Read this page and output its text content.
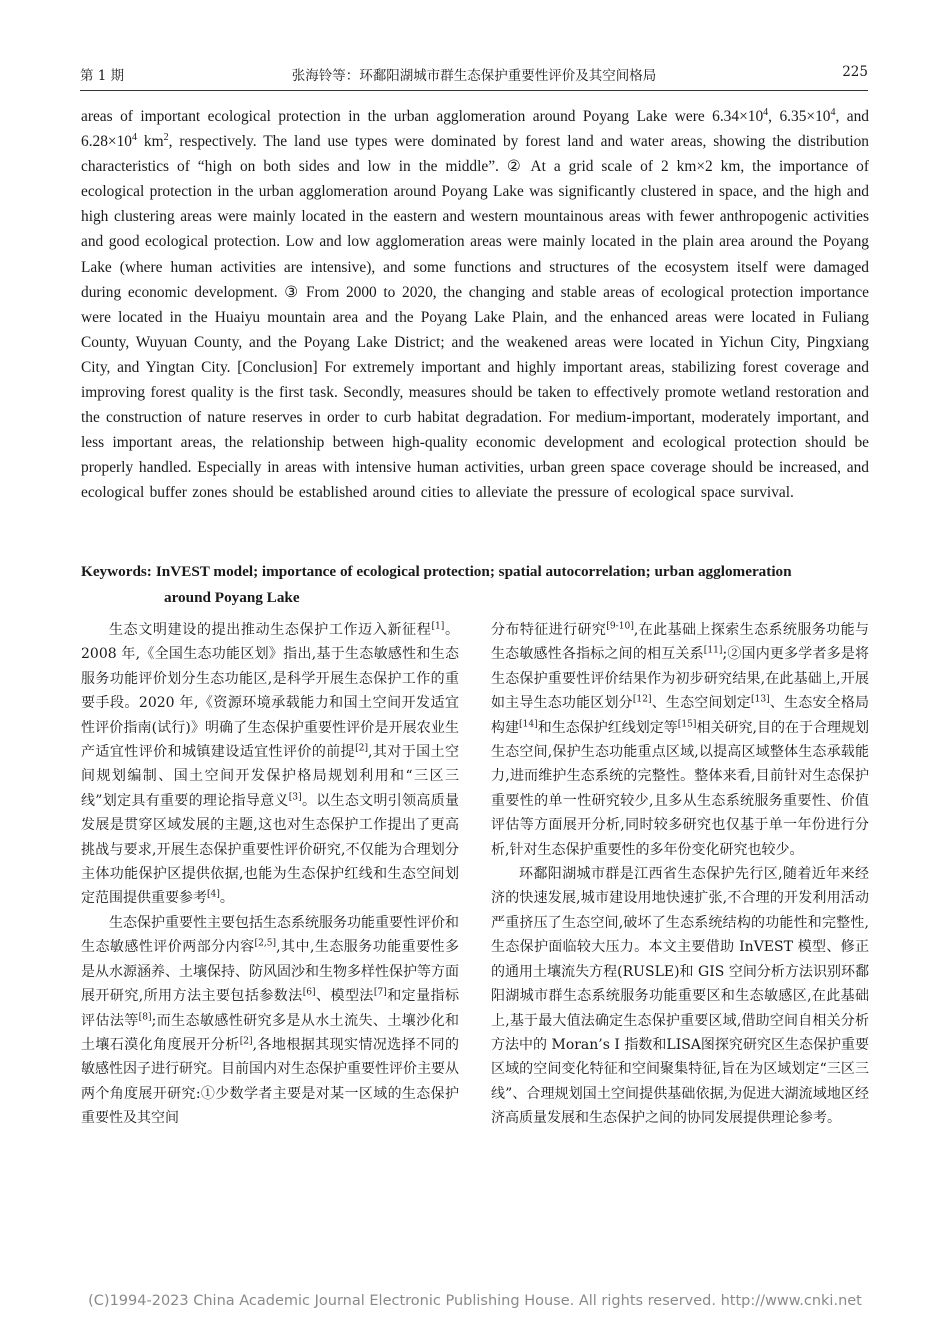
第 1 期	张海铃等：环鄱阳湖城市群生态保护重要性评价及其空间格局	225
areas of important ecological protection in the urban agglomeration around Poyang Lake were $6.34\times 10^4$, $6.35\times 10^4$, and $6.28\times 10^4$ $km^2$, respectively. The land use types were dominated by forest land and water areas, showing the distribution characteristics of “high on both sides and low in the middle”. ② At a grid scale of 2 km×2 km, the importance of ecological protection in the urban agglomeration around Poyang Lake was significantly clustered in space, and the high and high clustering areas were mainly located in the eastern and western mountainous areas with fewer anthropogenic activities and good ecological protection. Low and low agglomeration areas were mainly located in the plain area around the Poyang Lake (where human activities are intensive), and some functions and structures of the ecosystem itself were damaged during economic development. ③ From 2000 to 2020, the changing and stable areas of ecological protection importance were located in the Huaiyu mountain area and the Poyang Lake Plain, and the enhanced areas were located in Fuliang County, Wuyuan County, and the Poyang Lake District; and the weakened areas were located in Yichun City, Pingxiang City, and Yingtan City. [Conclusion] For extremely important and highly important areas, stabilizing forest coverage and improving forest quality is the first task. Secondly, measures should be taken to effectively promote wetland restoration and the construction of nature reserves in order to curb habitat degradation. For medium-important, moderately important, and less important areas, the relationship between high-quality economic development and ecological protection should be properly handled. Especially in areas with intensive human activities, urban green space coverage should be increased, and ecological buffer zones should be established around cities to alleviate the pressure of ecological space survival.
Keywords: InVEST model; importance of ecological protection; spatial autocorrelation; urban agglomeration
around Poyang Lake

生态文明建设的提出推动生态保护工作迈入新征程[1]。2008 年,《全国生态功能区划》指出,基于生态敏感性和生态服务功能评价划分生态功能区,是科学开展生态保护工作的重要手段。2020 年,《资源环境承载能力和国土空间开发适宜性评价指南(试行)》明确了生态保护重要性评价是开展农业生产适宜性评价和城镇建设适宜性评价的前提[2],其对于国土空间规划编制、国土空间开发保护格局规划利用和“三区三线”划定具有重要的理论指导意义[3]。以生态文明引领高质量发展是贯穿区域发展的主题,这也对生态保护工作提出了更高挑战与要求,开展生态保护重要性评价研究,不仅能为合理划分主体功能保护区提供依据,也能为生态保护红线和生态空间划定范围提供重要参考[4]。

生态保护重要性主要包括生态系统服务功能重要性评价和生态敏感性评价两部分内容[2,5],其中,生态服务功能重要性多是从水源涵养、土壤保持、防风固沙和生物多样性保护等方面展开研究,所用方法主要包括参数法[6]、模型法[7]和定量指标评估法等[8];而生态敏感性研究多是从水土流失、土壤沙化和土壤石漠化角度展开分析[2],各地根据其现实情况选择不同的敏感性因子进行研究。目前国内对生态保护重要性评价主要从两个角度展开研究:①少数学者主要是对某一区域的生态保护重要性及其空间

分布特征进行研究[9-10],在此基础上探索生态系统服务功能与生态敏感性各指标之间的相互关系[11];②国内更多学者多是将生态保护重要性评价结果作为初步研究结果,在此基础上,开展如主导生态功能区划分[12]、生态空间划定[13]、生态安全格局构建[14]和生态保护红线划定等[15]相关研究,目的在于合理规划生态空间,保护生态功能重点区域,以提高区域整体生态承载能力,进而维护生态系统的完整性。整体来看,目前针对生态保护重要性的单一性研究较少,且多从生态系统服务重要性、价值评估等方面展开分析,同时较多研究也仅基于单一年份进行分析,针对生态保护重要性的多年份变化研究也较少。

环鄱阳湖城市群是江西省生态保护先行区,随着近年来经济的快速发展,城市建设用地快速扩张,不合理的开发利用活动严重挤压了生态空间,破坏了生态系统结构的功能性和完整性,生态保护面临较大压力。本文主要借助 InVEST 模型、修正的通用土壤流失方程(RUSLE)和 GIS 空间分析方法识别环鄱阳湖城市群生态系统服务功能重要区和生态敏感区,在此基础上,基于最大值法确定生态保护重要区域,借助空间自相关分析方法中的 Moran’s I 指数和LISA图探究研究区生态保护重要区域的空间变化特征和空间聚集特征,旨在为区域划定“三区三线”、合理规划国土空间提供基础依据,为促进大湖流域地区经济高质量发展和生态保护之间的协同发展提供理论参考。

(C)1994-2023 China Academic Journal Electronic Publishing House. All rights reserved. http://www.cnki.net
